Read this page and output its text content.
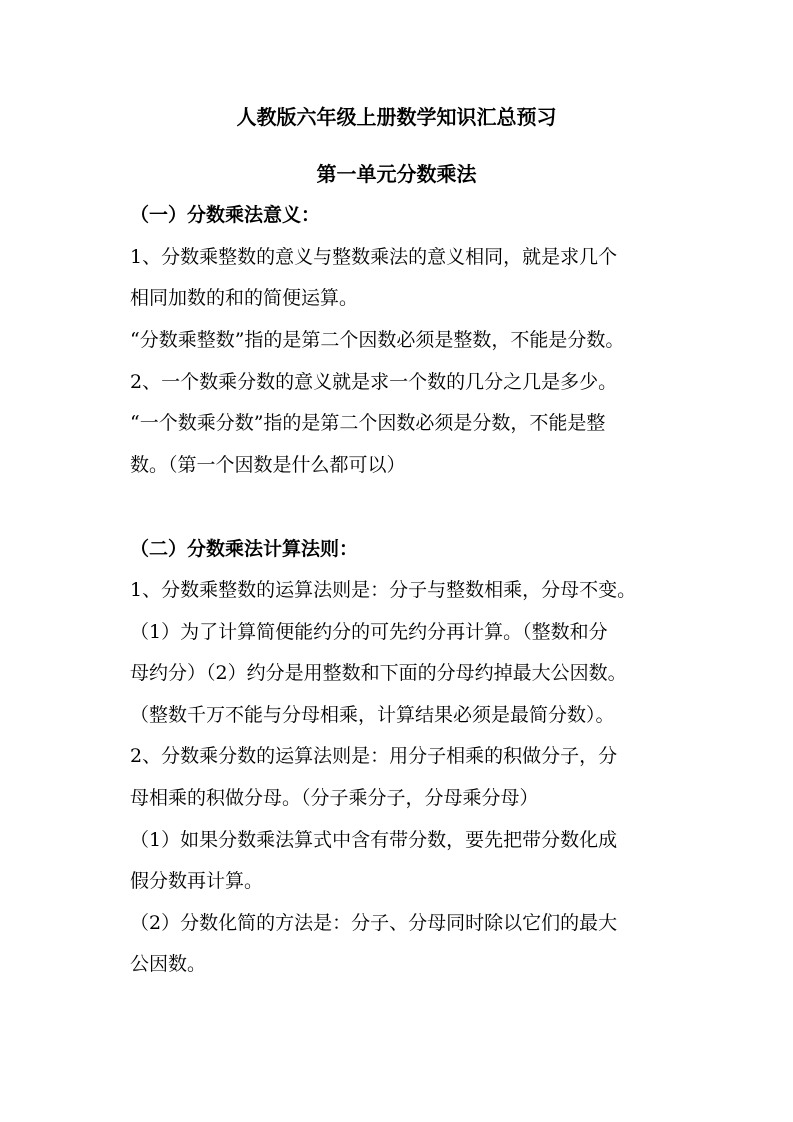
人教版六年级上册数学知识汇总预习
第一单元分数乘法
（一）分数乘法意义：

1、分数乘整数的意义与整数乘法的意义相同，就是求几个

相同加数的和的简便运算。

“分数乘整数”指的是第二个因数必须是整数，不能是分数。

2、一个数乘分数的意义就是求一个数的几分之几是多少。

“一个数乘分数”指的是第二个因数必须是分数，不能是整

数。（第一个因数是什么都可以）

（二）分数乘法计算法则：

1、分数乘整数的运算法则是：分子与整数相乘，分母不变。

（1）为了计算简便能约分的可先约分再计算。（整数和分

母约分）（2）约分是用整数和下面的分母约掉最大公因数。

（整数千万不能与分母相乘，计算结果必须是最简分数）。

2、分数乘分数的运算法则是：用分子相乘的积做分子，分

母相乘的积做分母。（分子乘分子，分母乘分母）

（1）如果分数乘法算式中含有带分数，要先把带分数化成

假分数再计算。

（2）分数化简的方法是：分子、分母同时除以它们的最大

公因数。
